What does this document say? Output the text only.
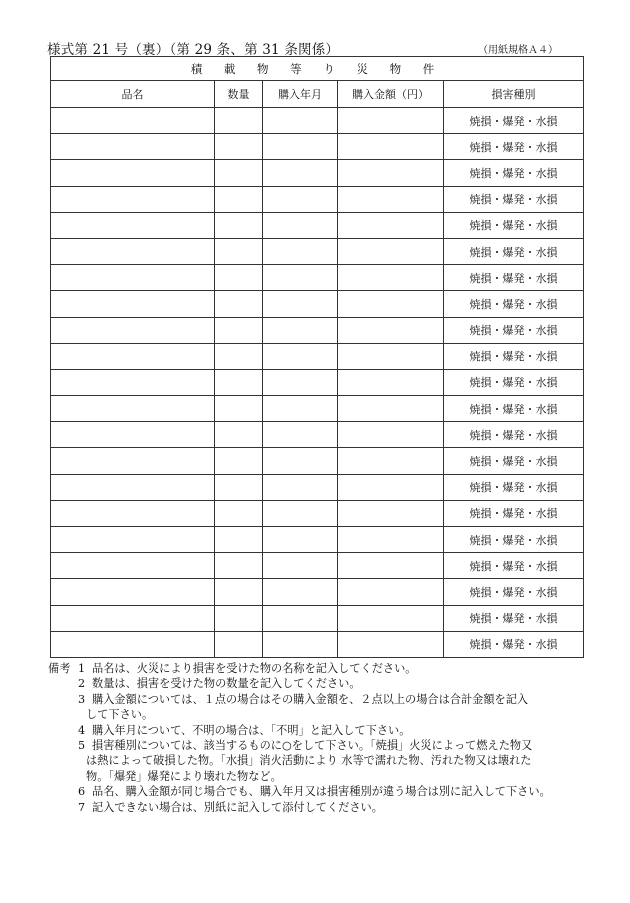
様式第 21 号（裏）（第 29 条、第 31 条関係）	（用紙規格Ａ４）
積 載 物 等 り 災 物 件				
品名	数量	購入年月	購入金額（円）	損害種別
				焼損・爆発・水損
				焼損・爆発・水損
				焼損・爆発・水損
				焼損・爆発・水損
				焼損・爆発・水損
				焼損・爆発・水損
				焼損・爆発・水損
				焼損・爆発・水損
				焼損・爆発・水損
				焼損・爆発・水損
				焼損・爆発・水損
				焼損・爆発・水損
				焼損・爆発・水損
				焼損・爆発・水損
				焼損・爆発・水損
				焼損・爆発・水損
				焼損・爆発・水損
				焼損・爆発・水損
				焼損・爆発・水損
				焼損・爆発・水損
				焼損・爆発・水損
備考 1 品名は、火災により損害を受けた物の名称を記入してください。
2 数量は、損害を受けた物の数量を記入してください。
3 購入金額については、１点の場合はその購入金額を、２点以上の場合は合計金額を記入
して下さい。
4 購入年月について、不明の場合は、「不明」と記入して下さい。
5 損害種別については、該当するものに○をして下さい。「焼損」火災によって燃えた物又
は熱によって破損した物。「水損」消火活動により 水等で濡れた物、汚れた物又は壊れた
物。「爆発」爆発により壊れた物など。
6 品名、購入金額が同じ場合でも、購入年月又は損害種別が違う場合は別に記入して下さい。
7 記入できない場合は、別紙に記入して添付してください。
